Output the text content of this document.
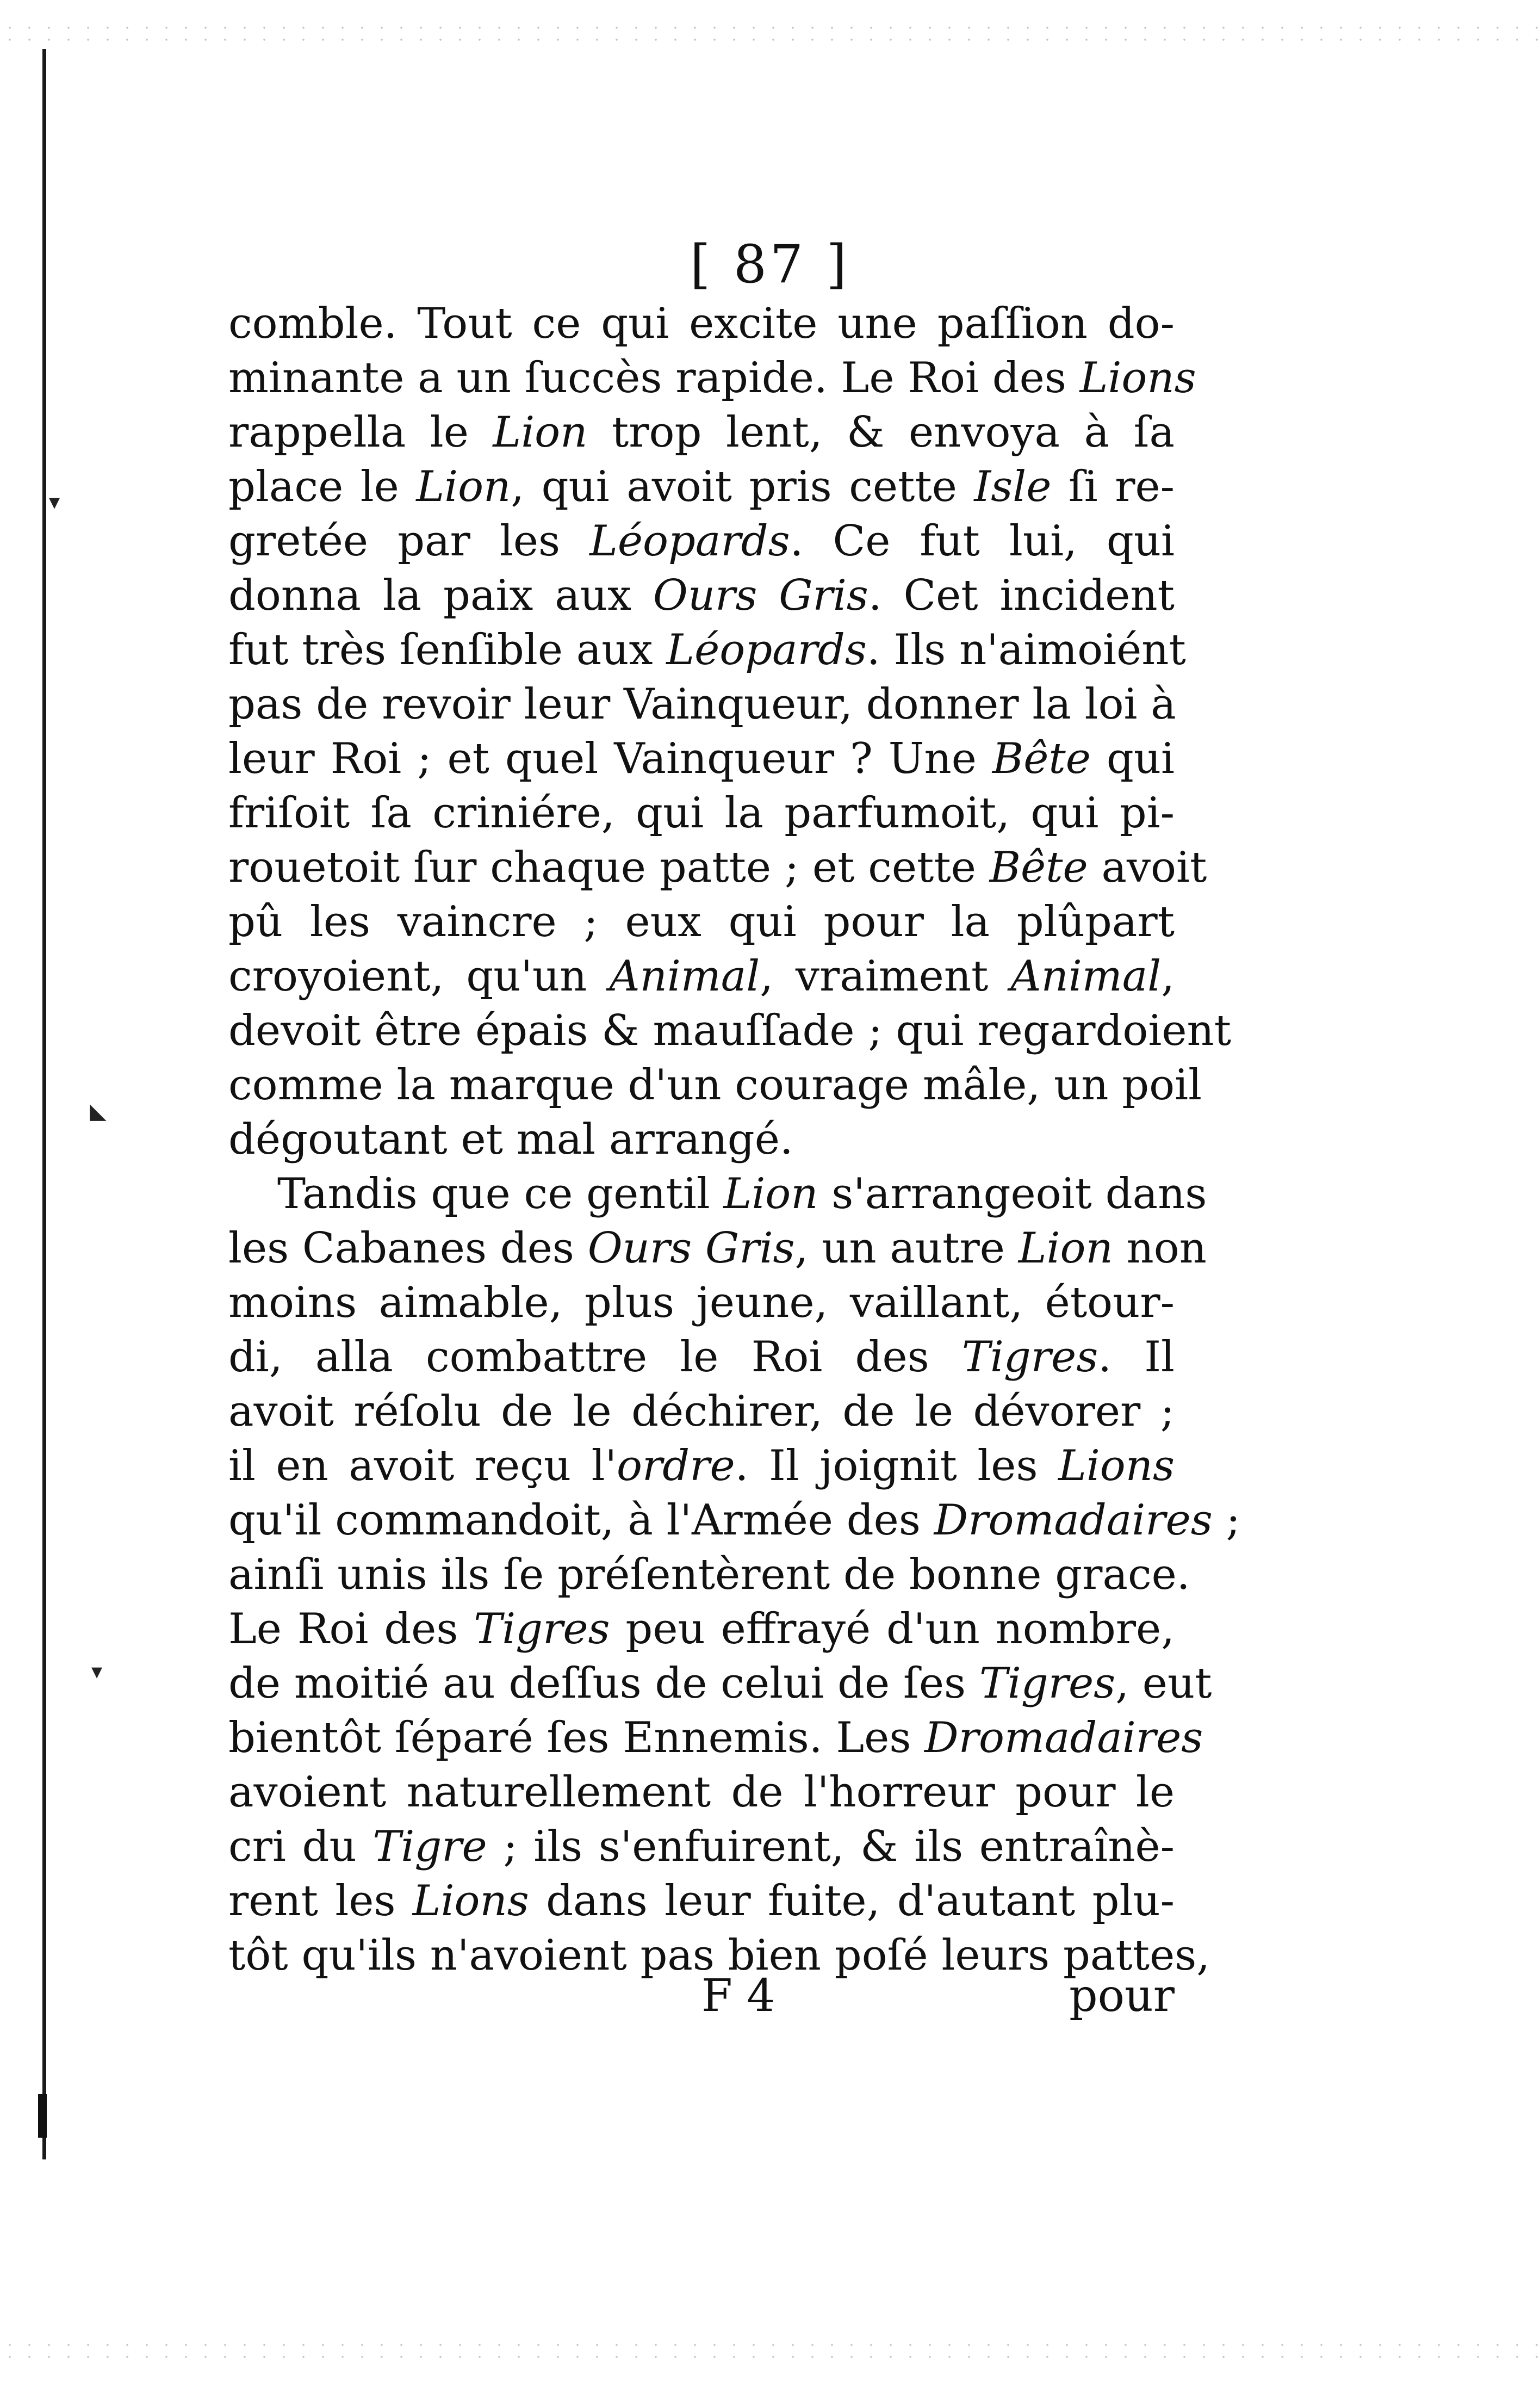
▾
◣
▾
[ 87 ]
comble. Tout ce qui excite une paſſion do-
minante a un ſuccès rapide. Le Roi des Lions
rappella le Lion trop lent, & envoya à ſa
place le Lion, qui avoit pris cette Isle ſi re-
gretée par les Léopards. Ce fut lui, qui
donna la paix aux Ours Gris. Cet incident
fut très ſenſible aux Léopards. Ils n'aimoiént
pas de revoir leur Vainqueur, donner la loi à
leur Roi ; et quel Vainqueur ? Une Bête qui
friſoit ſa criniére, qui la parfumoit, qui pi-
rouetoit ſur chaque patte ; et cette Bête avoit
pû les vaincre ; eux qui pour la plûpart
croyoient, qu'un Animal, vraiment Animal,
devoit être épais & mauſſade ; qui regardoient
comme la marque d'un courage mâle, un poil
dégoutant et mal arrangé.
Tandis que ce gentil Lion s'arrangeoit dans
les Cabanes des Ours Gris, un autre Lion non
moins aimable, plus jeune, vaillant, étour-
di, alla combattre le Roi des Tigres. Il
avoit réſolu de le déchirer, de le dévorer ;
il en avoit reçu l'ordre. Il joignit les Lions
qu'il commandoit, à l'Armée des Dromadaires ;
ainſi unis ils ſe préſentèrent de bonne grace.
Le Roi des Tigres peu effrayé d'un nombre,
de moitié au deſſus de celui de ſes Tigres, eut
bientôt ſéparé ſes Ennemis. Les Dromadaires
avoient naturellement de l'horreur pour le
cri du Tigre ; ils s'enfuirent, & ils entraînè-
rent les Lions dans leur fuite, d'autant plu-
tôt qu'ils n'avoient pas bien poſé leurs pattes,
F 4	pour
